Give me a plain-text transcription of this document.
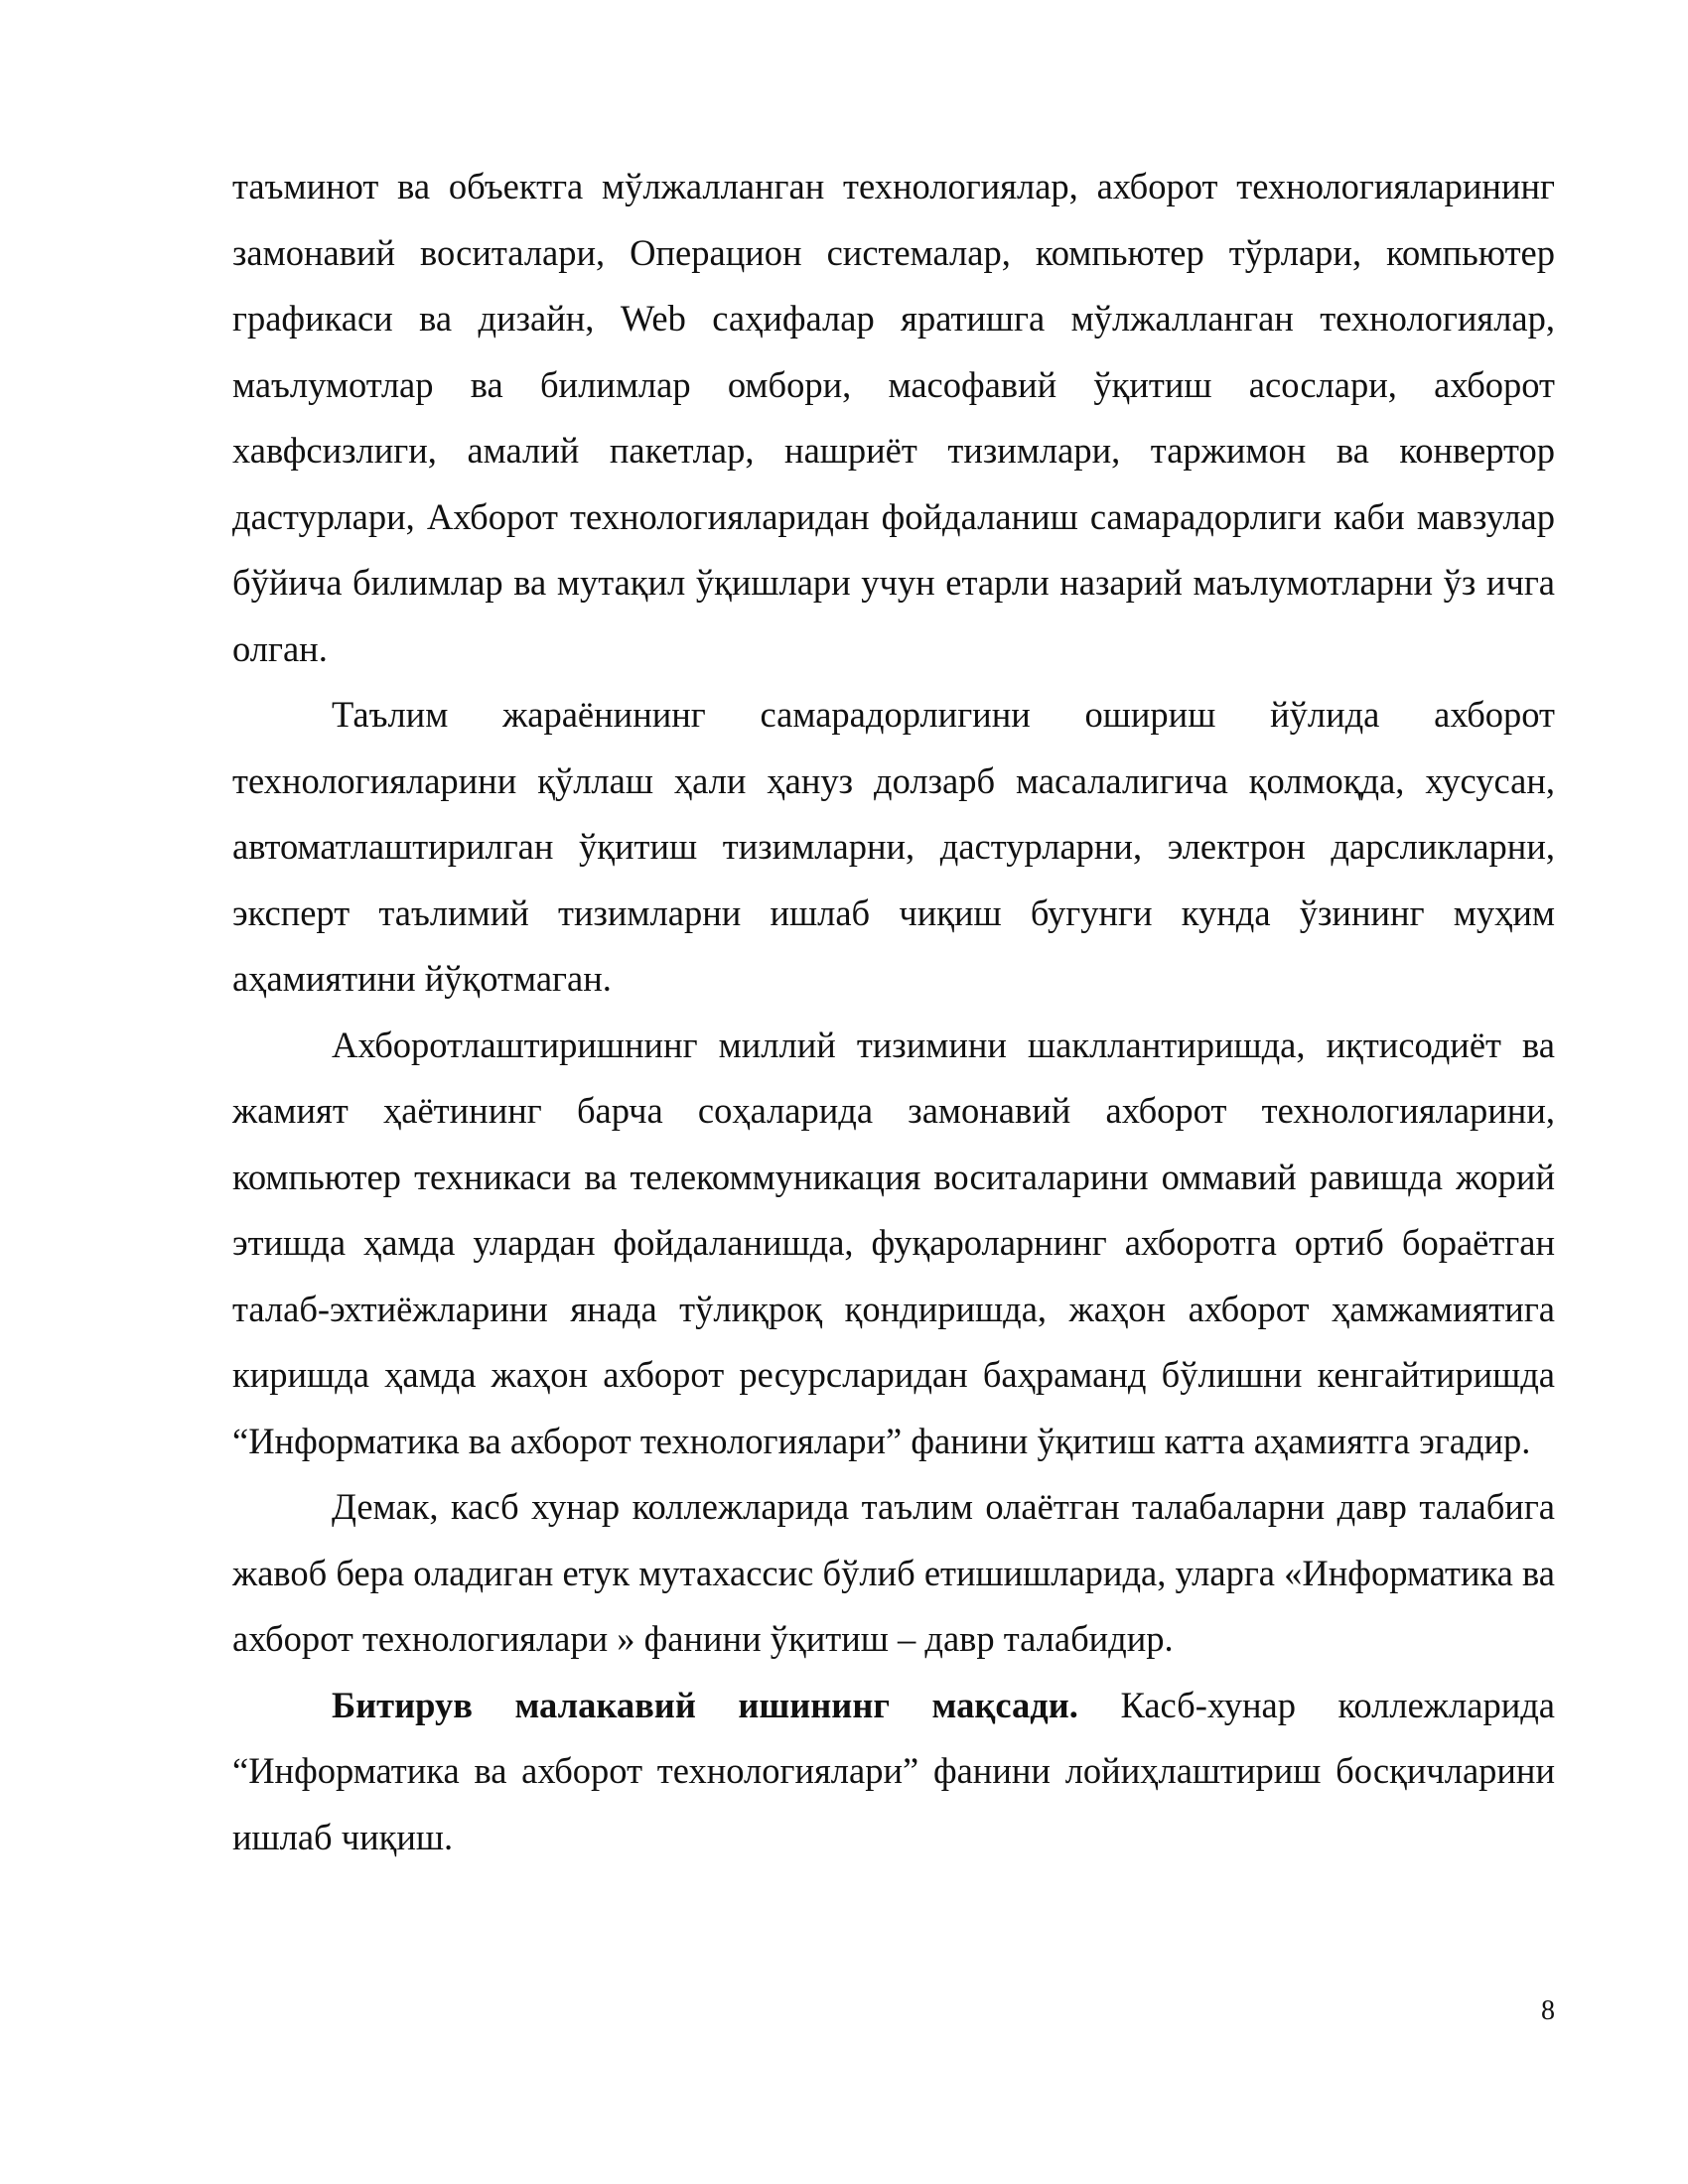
таъминот ва объектга мўлжалланган технологиялар, ахборот технологияларининг замонавий воситалари, Операцион системалар, компьютер тўрлари, компьютер графикаси ва дизайн, Web саҳифалар яратишга мўлжалланган технологиялар, маълумотлар ва билимлар омбори, масофавий ўқитиш асослари, ахборот хавфсизлиги, амалий пакетлар, нашриёт тизимлари, таржимон ва конвертор дастурлари, Ахборот технологияларидан фойдаланиш самарадорлиги каби мавзулар бўйича билимлар ва мутақил ўқишлари учун етарли назарий маълумотларни ўз ичга олган.

Таълим жараёнининг самарадорлигини ошириш йўлида ахборот технологияларини қўллаш ҳали ҳануз долзарб масалалигича қолмоқда, хусусан, автоматлаштирилган ўқитиш тизимларни, дастурларни, электрон дарсликларни, эксперт таълимий тизимларни ишлаб чиқиш бугунги кунда ўзининг муҳим аҳамиятини йўқотмаган.

Ахборотлаштиришнинг миллий тизимини шакллантиришда, иқтисодиёт ва жамият ҳаётининг барча соҳаларида замонавий ахборот технологияларини, компьютер техникаси ва телекоммуникация воситаларини оммавий равишда жорий этишда ҳамда улардан фойдаланишда, фуқароларнинг ахборотга ортиб бораётган талаб-эхтиёжларини янада тўлиқроқ қондиришда, жаҳон ахборот ҳамжамиятига киришда ҳамда жаҳон ахборот ресурсларидан баҳраманд бўлишни кенгайтиришда “Информатика ва ахборот технологиялари” фанини ўқитиш катта аҳамиятга эгадир.

Демак, касб хунар коллежларида таълим олаётган талабаларни давр талабига жавоб бера оладиган етук мутахассис бўлиб етишишларида, уларга «Информатика ва ахборот технологиялари » фанини ўқитиш – давр талабидир.

Битирув малакавий ишининг мақсади. Касб-хунар коллежларида “Информатика ва ахборот технологиялари” фанини лойиҳлаштириш босқичларини ишлаб чиқиш.

8
